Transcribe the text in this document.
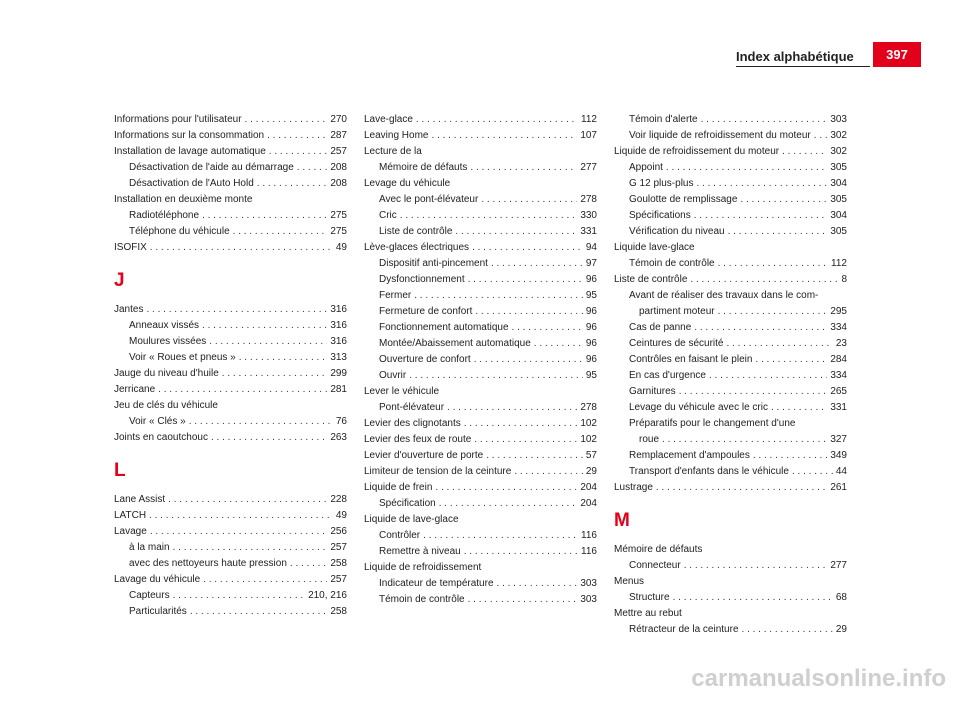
Index alphabétique 397
Informations pour l'utilisateur . . .	270
Informations sur la consommation . . .	287
Installation de lavage automatique . . .	257
Désactivation de l'aide au démarrage . . .	208
Désactivation de l'Auto Hold . . .	208
Installation en deuxième monte
Radiotéléphone . . .	275
Téléphone du véhicule . . .	275
ISOFIX . . .	49
J
Jantes . . .	316
Anneaux vissés . . .	316
Moulures vissées . . .	316
Voir « Roues et pneus » . . .	313
Jauge du niveau d'huile . . .	299
Jerricane . . .	281
Jeu de clés du véhicule
Voir « Clés » . . .	76
Joints en caoutchouc . . .	263
L
Lane Assist . . .	228
LATCH . . .	49
Lavage . . .	256
à la main . . .	257
avec des nettoyeurs haute pression . . .	258
Lavage du véhicule . . .	257
Capteurs . . .	210, 216
Particularités . . .	258
Lave-glace . . .	112
Leaving Home . . .	107
Lecture de la
Mémoire de défauts . . .	277
Levage du véhicule
Avec le pont-élévateur . . .	278
Cric . . .	330
Liste de contrôle . . .	331
Lève-glaces électriques . . .	94
Dispositif anti-pincement . . .	97
Dysfonctionnement . . .	96
Fermer . . .	95
Fermeture de confort . . .	96
Fonctionnement automatique . . .	96
Montée/Abaissement automatique . . .	96
Ouverture de confort . . .	96
Ouvrir . . .	95
Lever le véhicule
Pont-élévateur . . .	278
Levier des clignotants . . .	102
Levier des feux de route . . .	102
Levier d'ouverture de porte . . .	57
Limiteur de tension de la ceinture . . .	29
Liquide de frein . . .	204
Spécification . . .	204
Liquide de lave-glace
Contrôler . . .	116
Remettre à niveau . . .	116
Liquide de refroidissement
Indicateur de température . . .	303
Témoin de contrôle . . .	303
Témoin d'alerte . . .	303
Voir liquide de refroidissement du moteur . . . 302
Liquide de refroidissement du moteur . . .	302
Appoint . . .	305
G 12 plus-plus . . .	304
Goulotte de remplissage . . .	305
Spécifications . . .	304
Vérification du niveau . . .	305
Liquide lave-glace
Témoin de contrôle . . .	112
Liste de contrôle . . .	8
Avant de réaliser des travaux dans le com-
partiment moteur . . .	295
Cas de panne . . .	334
Ceintures de sécurité . . .	23
Contrôles en faisant le plein . . .	284
En cas d'urgence . . .	334
Garnitures . . .	265
Levage du véhicule avec le cric . . .	331
Préparatifs pour le changement d'une
roue . . .	327
Remplacement d'ampoules . . .	349
Transport d'enfants dans le véhicule . . .	44
Lustrage . . .	261
M
Mémoire de défauts
Connecteur . . .	277
Menus
Structure . . .	68
Mettre au rebut
Rétracteur de la ceinture . . .	29
carmanualsonline.info
